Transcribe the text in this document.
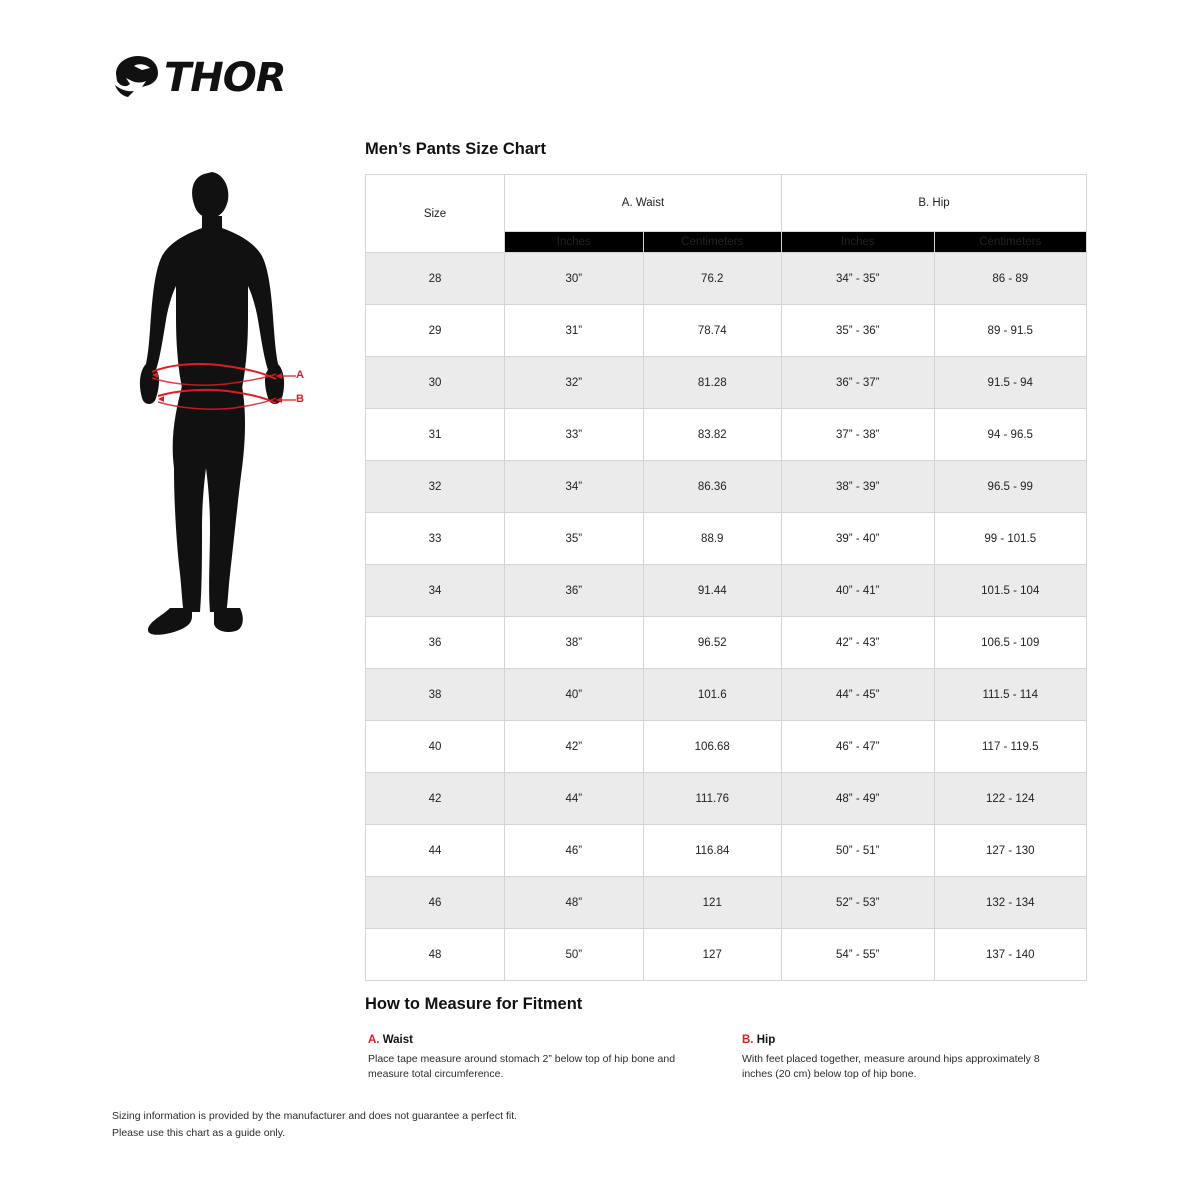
THOR
A
B
Men’s Pants Size Chart
Size	A. Waist		B. Hip	
	Inches	Centimeters	Inches	Centimeters
28	30”	76.2	34” - 35”	86 - 89
29	31”	78.74	35” - 36”	89 - 91.5
30	32”	81.28	36” - 37”	91.5 - 94
31	33”	83.82	37” - 38”	94 - 96.5
32	34”	86.36	38” - 39”	96.5 - 99
33	35”	88.9	39” - 40”	99 - 101.5
34	36”	91.44	40” - 41”	101.5 - 104
36	38”	96.52	42” - 43”	106.5 - 109
38	40”	101.6	44” - 45”	111.5 - 114
40	42”	106.68	46” - 47”	117 - 119.5
42	44”	111.76	48” - 49”	122 - 124
44	46”	116.84	50” - 51”	127 - 130
46	48”	121	52” - 53”	132 - 134
48	50”	127	54” - 55”	137 - 140
How to Measure for Fitment
A. Waist
Place tape measure around stomach 2” below top of hip bone and measure total circumference.
B. Hip
With feet placed together, measure around hips approximately 8 inches (20 cm) below top of hip bone.
Sizing information is provided by the manufacturer and does not guarantee a perfect fit.
Please use this chart as a guide only.
